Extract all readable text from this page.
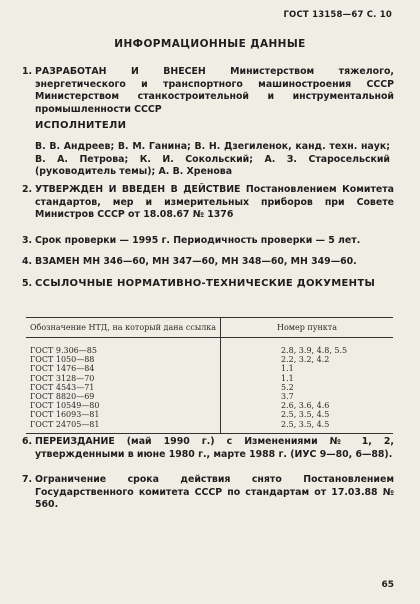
ГОСТ 13158—67 С. 10
ИНФОРМАЦИОННЫЕ ДАННЫЕ
1. РАЗРАБОТАН И ВНЕСЕН Министерством тяжелого, энергетического и транспортного машиностроения СССР Министерством станкостроительной и инструментальной промышленности СССР
ИСПОЛНИТЕЛИ
В. В. Андреев; В. М. Ганина; В. Н. Дзегиленок, канд. техн. наук; В. А. Петрова; К. И. Сокольский; А. З. Старосельский (руководитель темы); А. В. Хренова
2. УТВЕРЖДЕН И ВВЕДЕН В ДЕЙСТВИЕ Постановлением Комитета стандартов, мер и измерительных приборов при Совете Министров СССР от 18.08.67 № 1376
3. Срок проверки — 1995 г. Периодичность проверки — 5 лет.
4. ВЗАМЕН МН 346—60, МН 347—60, МН 348—60, МН 349—60.
5. ССЫЛОЧНЫЕ НОРМАТИВНО-ТЕХНИЧЕСКИЕ ДОКУМЕНТЫ
Обозначение НТД, на который дана ссылка	Номер пункта
ГОСТ 9.306—85	2.8, 3.9, 4.8, 5.5
ГОСТ 1050—88	2.2, 3.2, 4.2
ГОСТ 1476—84	1.1
ГОСТ 3128—70	1.1
ГОСТ 4543—71	5.2
ГОСТ 8820—69	3.7
ГОСТ 10549—80	2.6, 3.6, 4.6
ГОСТ 16093—81	2.5, 3.5, 4.5
ГОСТ 24705—81	2.5, 3.5, 4.5
6. ПЕРЕИЗДАНИЕ (май 1990 г.) с Изменениями № 1, 2, утвержденными в июне 1980 г., марте 1988 г. (ИУС 9—80, 6—88).
7. Ограничение срока действия снято Постановлением Государственного комитета СССР по стандартам от 17.03.88 № 560.
65
